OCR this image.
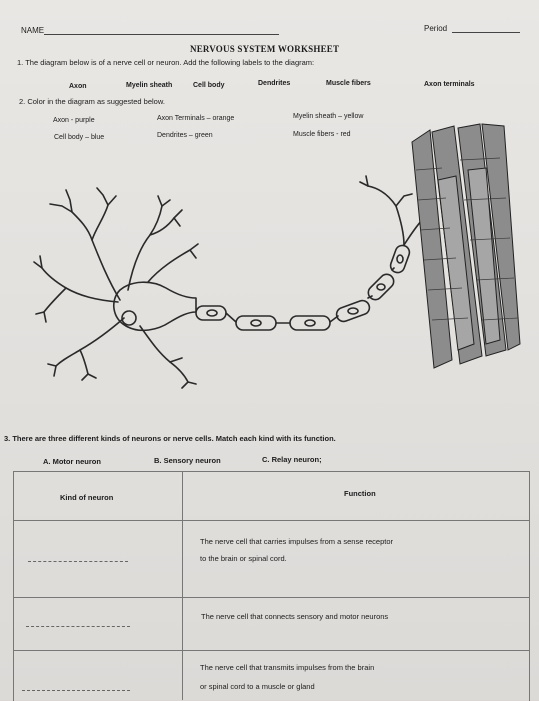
NAME	Period
NERVOUS SYSTEM WORKSHEET
1. The diagram below is of a nerve cell or neuron. Add the following labels to the diagram:
Axon	Myelin sheath	Cell body	Dendrites	Muscle fibers	Axon terminals
2. Color in the diagram as suggested below.
Axon - purple
Cell body – blue
Axon Terminals – orange
Dendrites – green
Myelin sheath – yellow
Muscle fibers - red
3. There are three different kinds of neurons or nerve cells. Match each kind with its function.
A. Motor neuron	B. Sensory neuron	C. Relay neuron;
Kind of neuron	Function
The nerve cell that carries impulses from a sense receptor
to the brain or spinal cord.
The nerve cell that connects sensory and motor neurons
The nerve cell that transmits impulses from the brain
or spinal cord to a muscle or gland
